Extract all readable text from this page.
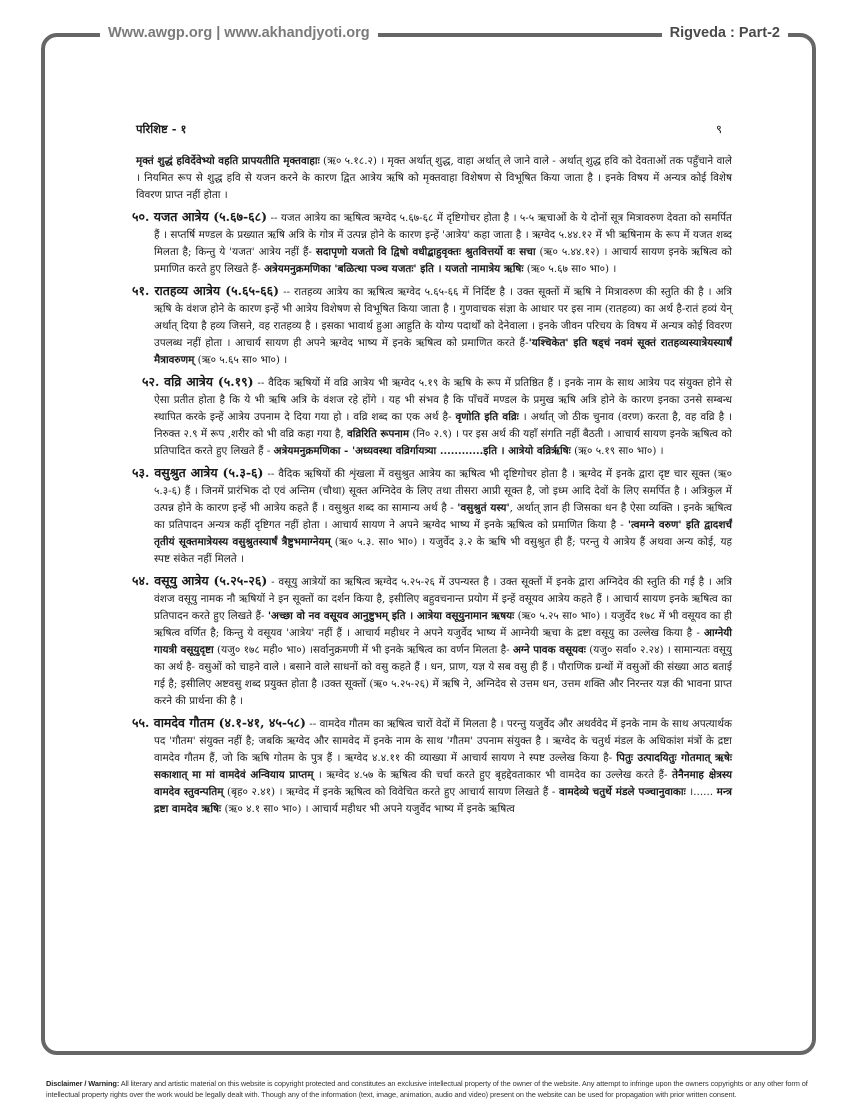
Www.awgp.org | www.akhandjyoti.org	Rigveda : Part-2
परिशिष्ट - १	९

मृक्तं शुद्धं हविर्देवेभ्यो वहति प्रापयतीति मृक्तवाहाः (ऋ० ५.१८.२) । मृक्त अर्थात् शुद्ध, वाहा अर्थात् ले जाने वाले - अर्थात् शुद्ध हवि को देवताओं तक पहुँचाने वाले । नियमित रूप से शुद्ध हवि से यजन करने के कारण द्वित आत्रेय ऋषि को मृक्तवाहा विशेषण से विभूषित किया जाता है । इनके विषय में अन्यत्र कोई विशेष विवरण प्राप्त नहीं होता ।

५०. यजत आत्रेय (५.६७-६८) -- यजत आत्रेय का ऋषित्व ऋग्वेद ५.६७-६८ में दृष्टिगोचर होता है । ५-५ ऋचाओं के ये दोनों सूत्र मित्रावरुण देवता को समर्पित हैं । सप्तर्षि मण्डल के प्रख्यात ऋषि अत्रि के गोत्र में उत्पन्न होने के कारण इन्हें 'आत्रेय' कहा जाता है । ऋग्वेद ५.४४.१२ में भी ऋषिनाम के रूप में यजत शब्द मिलता है; किन्तु ये 'यजत' आत्रेय नहीं हैं- सदापृणो यजतो वि द्विषो वधीद्बाहुवृक्तः श्रुतवित्तर्यो वः सचा (ऋ० ५.४४.१२) । आचार्य सायण इनके ऋषित्व को प्रमाणित करते हुए लिखते हैं- अत्रेयमनुक्रमणिका 'बळित्था पञ्च यजतः' इति । यजतो नामात्रेय ऋषिः (ऋ० ५.६७ सा० भा०) ।

५१. रातहव्य आत्रेय (५.६५-६६) -- रातहव्य आत्रेय का ऋषित्व ऋग्वेद ५.६५-६६ में निर्दिष्ट है । उक्त सूक्तों में ऋषि ने मित्रावरुण की स्तुति की है । अत्रि ऋषि के वंशज होने के कारण इन्हें भी आत्रेय विशेषण से विभूषित किया जाता है । गुणवाचक संज्ञा के आधार पर इस नाम (रातहव्य) का अर्थ है-रातं हव्यं येन् अर्थात् दिया है हव्य जिसने, वह रातहव्य है । इसका भावार्थ हुआ आहुति के योग्य पदार्थों को देनेवाला । इनके जीवन परिचय के विषय में अन्यत्र कोई विवरण उपलब्ध नहीं होता । आचार्य सायण ही अपने ऋग्वेद भाष्य में इनके ऋषित्व को प्रमाणित करते हैं-'यश्चिकेत' इति षड्चं नवमं सूक्तं रातहव्यस्यात्रेयस्यार्षं मैत्रावरुणम् (ऋ० ५.६५ सा० भा०) ।

५२. वव्रि आत्रेय (५.१९) -- वैदिक ऋषियों में वव्रि आत्रेय भी ऋग्वेद ५.१९ के ऋषि के रूप में प्रतिष्ठित हैं । इनके नाम के साथ आत्रेय पद संयुक्त होने से ऐसा प्रतीत होता है कि ये भी ऋषि अत्रि के वंशज रहे होंगे । यह भी संभव है कि पाँचवें मण्डल के प्रमुख ऋषि अत्रि होने के कारण इनका उनसे सम्बन्ध स्थापित करके इन्हें आत्रेय उपनाम दे दिया गया हो । वव्रि शब्द का एक अर्थ है- वृणोति इति वव्रिः । अर्थात् जो ठीक चुनाव (वरण) करता है, वह वव्रि है । निरुक्त २.९ में रूप ,शरीर को भी वव्रि कहा गया है, वव्रिरिति रूपनाम (नि० २.९) । पर इस अर्थ की यहाँ संगति नहीं बैठती । आचार्य सायण इनके ऋषित्व को प्रतिपादित करते हुए लिखते हैं - अत्रेयमनुक्रमणिका - 'अध्यवस्था वव्रिर्गायत्र्या ............इति । आत्रेयो वव्रिर्ऋषिः (ऋ० ५.१९ सा० भा०) ।

५३. वसुश्रुत आत्रेय (५.३-६) -- वैदिक ऋषियों की शृंखला में वसुश्रुत आत्रेय का ऋषित्व भी दृष्टिगोचर होता है । ऋग्वेद में इनके द्वारा दृष्ट चार सूक्त (ऋ० ५.३-६) हैं । जिनमें प्रारंभिक दो एवं अन्तिम (चौथा) सूक्त अग्निदेव के लिए तथा तीसरा आप्री सूक्त है, जो इध्म आदि देवों के लिए समर्पित है । अत्रिकुल में उत्पन्न होने के कारण इन्हें भी आत्रेय कहते हैं । वसुश्रुत शब्द का सामान्य अर्थ है - 'वसुश्रुतं यस्य', अर्थात् ज्ञान ही जिसका धन है ऐसा व्यक्ति । इनके ऋषित्व का प्रतिपादन अन्यत्र कहीं दृष्टिगत नहीं होता । आचार्य सायण ने अपने ऋग्वेद भाष्य में इनके ऋषित्व को प्रमाणित किया है - 'त्वमग्ने वरुण' इति द्वादशर्चं तृतीयं सूक्तमात्रेयस्य वसुश्रुतस्यार्षं त्रैष्टुभमाग्नेयम् (ऋ० ५.३. सा० भा०) । यजुर्वेद ३.२ के ऋषि भी वसुश्रुत ही हैं; परन्तु ये आत्रेय हैं अथवा अन्य कोई, यह स्पष्ट संकेत नहीं मिलते ।

५४. वसूयु आत्रेय (५.२५-२६) - वसूयु आत्रेयों का ऋषित्व ऋग्वेद ५.२५-२६ में उपन्यस्त है । उक्त सूक्तों में इनके द्वारा अग्निदेव की स्तुति की गई है । अत्रि वंशज वसूयु नामक नौ ऋषियों ने इन सूक्तों का दर्शन किया है, इसीलिए बहुवचनान्त प्रयोग में इन्हें वसूयव आत्रेय कहते हैं । आचार्य सायण इनके ऋषित्व का प्रतिपादन करते हुए लिखते हैं- 'अच्छा वो नव वसूयव आनुष्टुभम् इति । आत्रेया वसूयुनामान ऋषयः (ऋ० ५.२५ सा० भा०) । यजुर्वेद १७८ में भी वसूयव का ही ऋषित्व वर्णित है; किन्तु ये वसूयव 'आत्रेय' नहीं हैं । आचार्य महीधर ने अपने यजुर्वेद भाष्य में आग्नेयी ऋचा के द्रष्टा वसूयु का उल्लेख किया है - आग्नेयी गायत्री वसूयुदृष्टा (यजु० १७८ मही० भा०) ।सर्वानुक्रमणी में भी इनके ऋषित्व का वर्णन मिलता है- अग्ने पावक वसूयवः (यजु० सर्वा० २.२४) । सामान्यतः वसूयु का अर्थ है- वसुओं को चाहने वाले । बसाने वाले साधनों को वसु कहते हैं । धन, प्राण, यज्ञ ये सब वसु ही हैं । पौराणिक ग्रन्थों में वसुओं की संख्या आठ बताई गई है; इसीलिए अष्टवसु शब्द प्रयुक्त होता है ।उक्त सूक्तों (ऋ० ५.२५-२६) में ऋषि ने, अग्निदेव से उत्तम धन, उत्तम शक्ति और निरन्तर यज्ञ की भावना प्राप्त करने की प्रार्थना की है ।

५५. वामदेव गौतम (४.१-४१, ४५-५८) -- वामदेव गौतम का ऋषित्व चारों वेदों में मिलता है । परन्तु यजुर्वेद और अथर्ववेद में इनके नाम के साथ अपत्यार्थक पद 'गौतम' संयुक्त नहीं है; जबकि ऋग्वेद और सामवेद में इनके नाम के साथ 'गौतम' उपनाम संयुक्त है । ऋग्वेद के चतुर्थ मंडल के अधिकांश मंत्रों के द्रष्टा वामदेव गौतम हैं, जो कि ऋषि गोतम के पुत्र हैं । ऋग्वेद ४.४.११ की व्याख्या में आचार्य सायण ने स्पष्ट उल्लेख किया है- पितुः उत्पादयितुः गोतमात् ऋषेः सकाशात् मा मां वामदेवं अन्वियाय प्राप्तम् । ऋग्वेद ४.५७ के ऋषित्व की चर्चा करते हुए बृहद्देवताकार भी वामदेव का उल्लेख करते हैं- तेनैनमाह क्षेत्रस्य वामदेव स्तुवन्पतिम् (बृह० २.४१) । ऋग्वेद में इनके ऋषित्व को विवेचित करते हुए आचार्य सायण लिखते हैं - वामदेव्ये चतुर्थे मंडले पञ्चानुवाकाः ।...... मन्त्र द्रष्टा वामदेव ऋषिः (ऋ० ४.१ सा० भा०) । आचार्य महीधर भी अपने यजुर्वेद भाष्य में इनके ऋषित्व

Disclaimer / Warning: All literary and artistic material on this website is copyright protected and constitutes an exclusive intellectual property of the owner of the website. Any attempt to infringe upon the owners copyrights or any other form of intellectual property rights over the work would be legally dealt with. Though any of the information (text, image, animation, audio and video) present on the website can be used for propagation with prior written consent.
